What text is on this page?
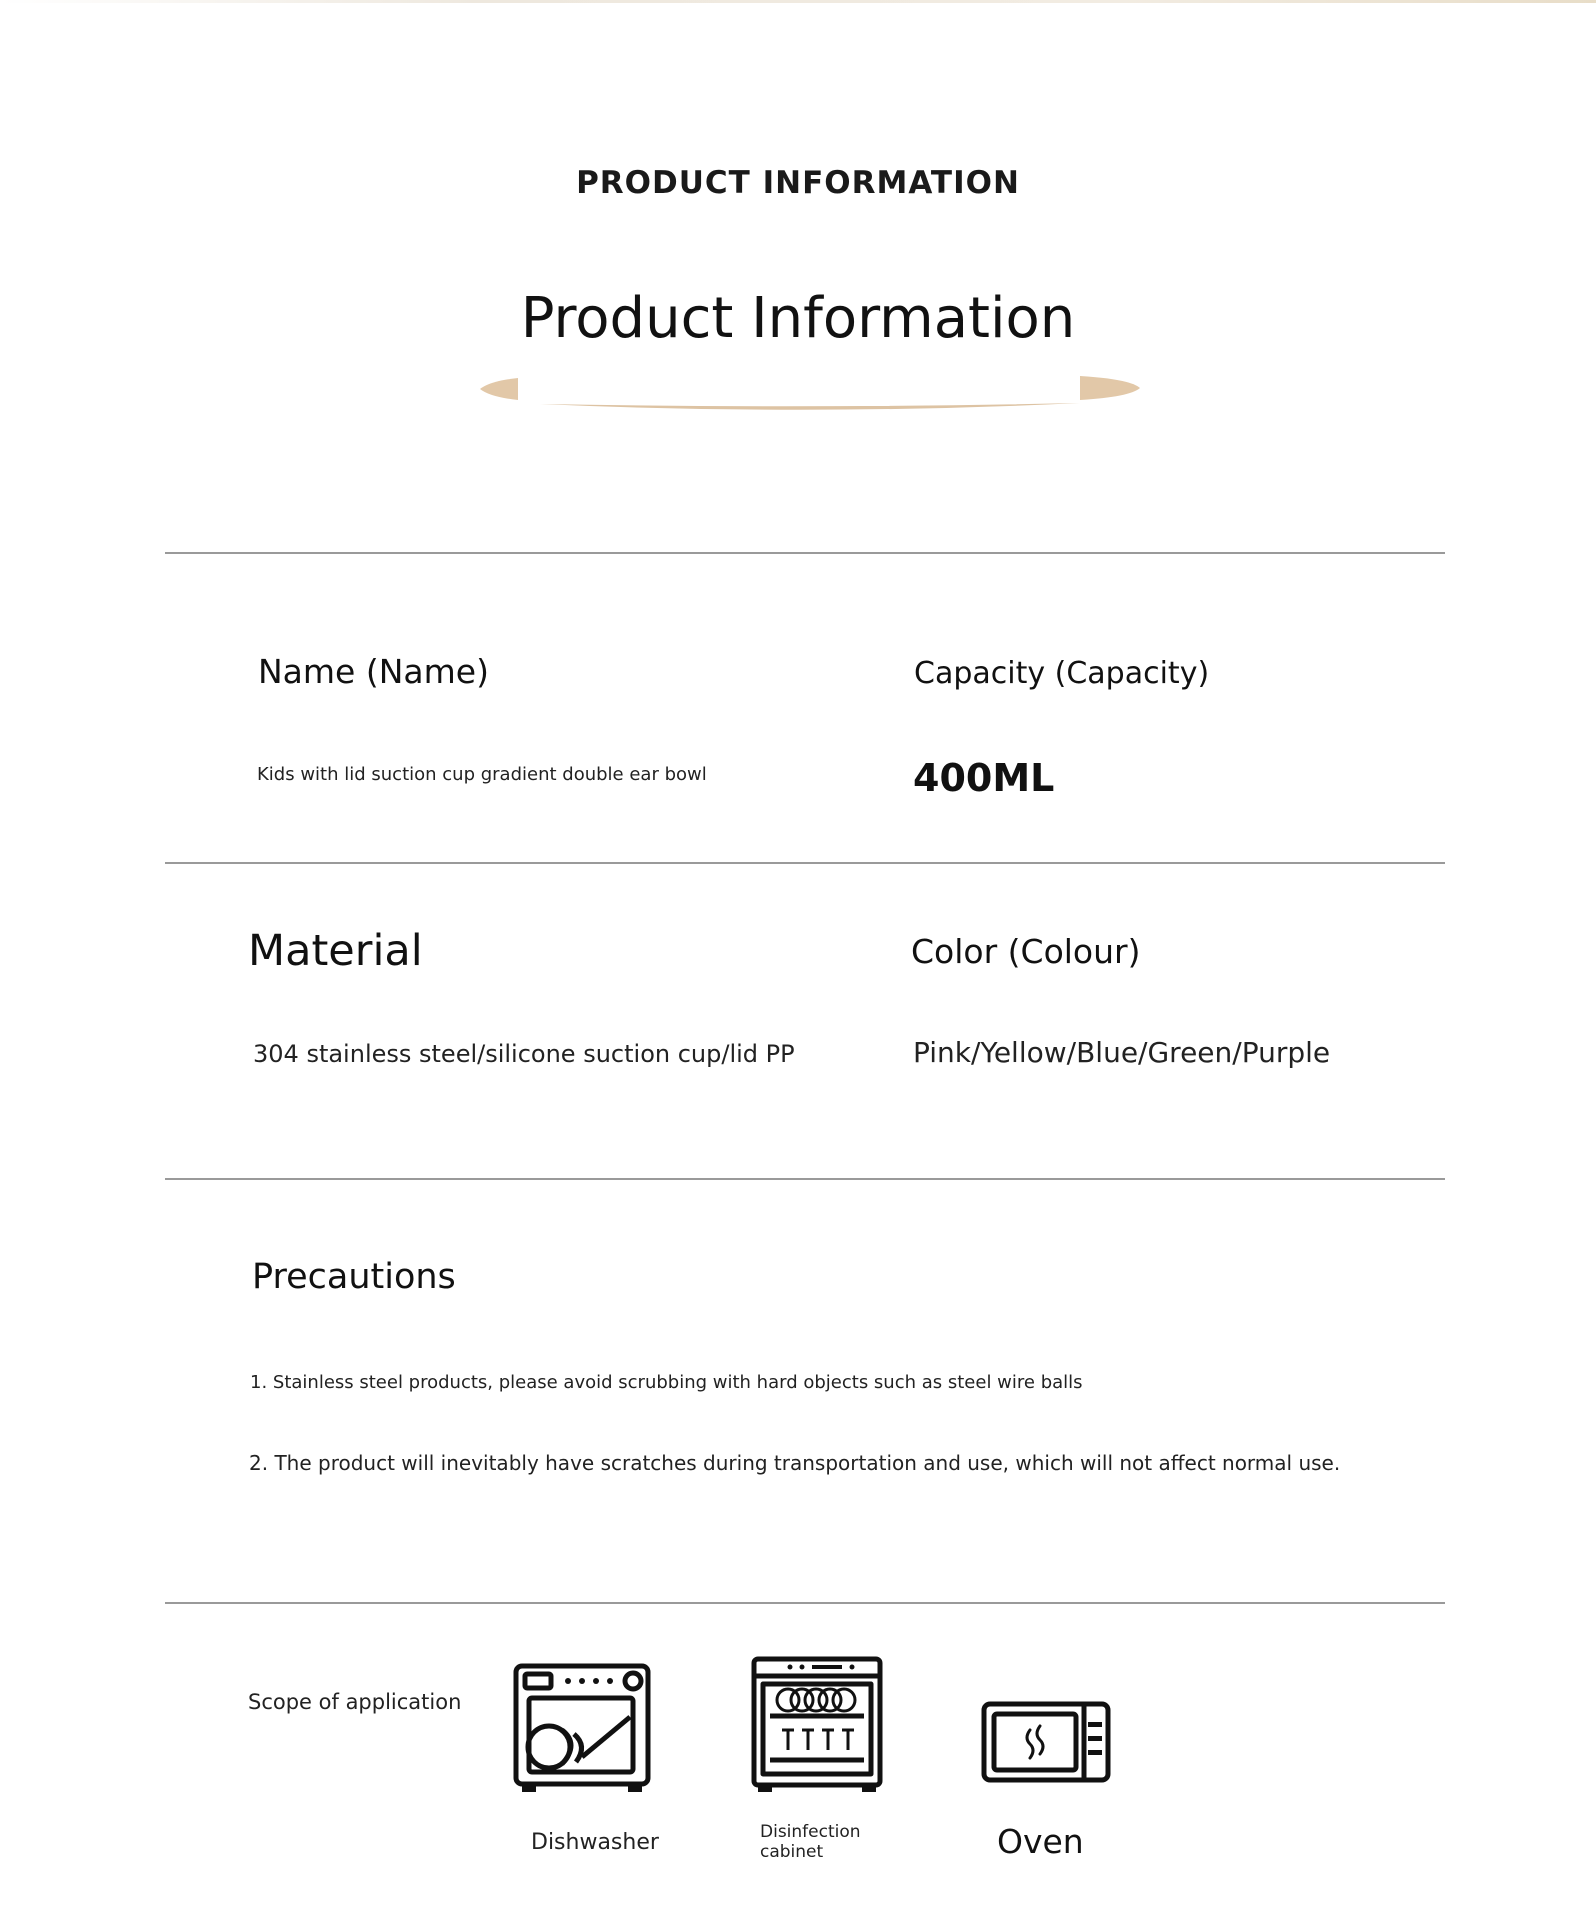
PRODUCT INFORMATION
Product Information
Name (Name)	Capacity (Capacity)
Kids with lid suction cup gradient double ear bowl	400ML
Material	Color (Colour)
304 stainless steel/silicone suction cup/lid PP	Pink/Yellow/Blue/Green/Purple
Precautions
1. Stainless steel products, please avoid scrubbing with hard objects such as steel wire balls
2. The product will inevitably have scratches during transportation and use, which will not affect normal use.
Scope of application
Dishwasher	Disinfection cabinet	Oven
